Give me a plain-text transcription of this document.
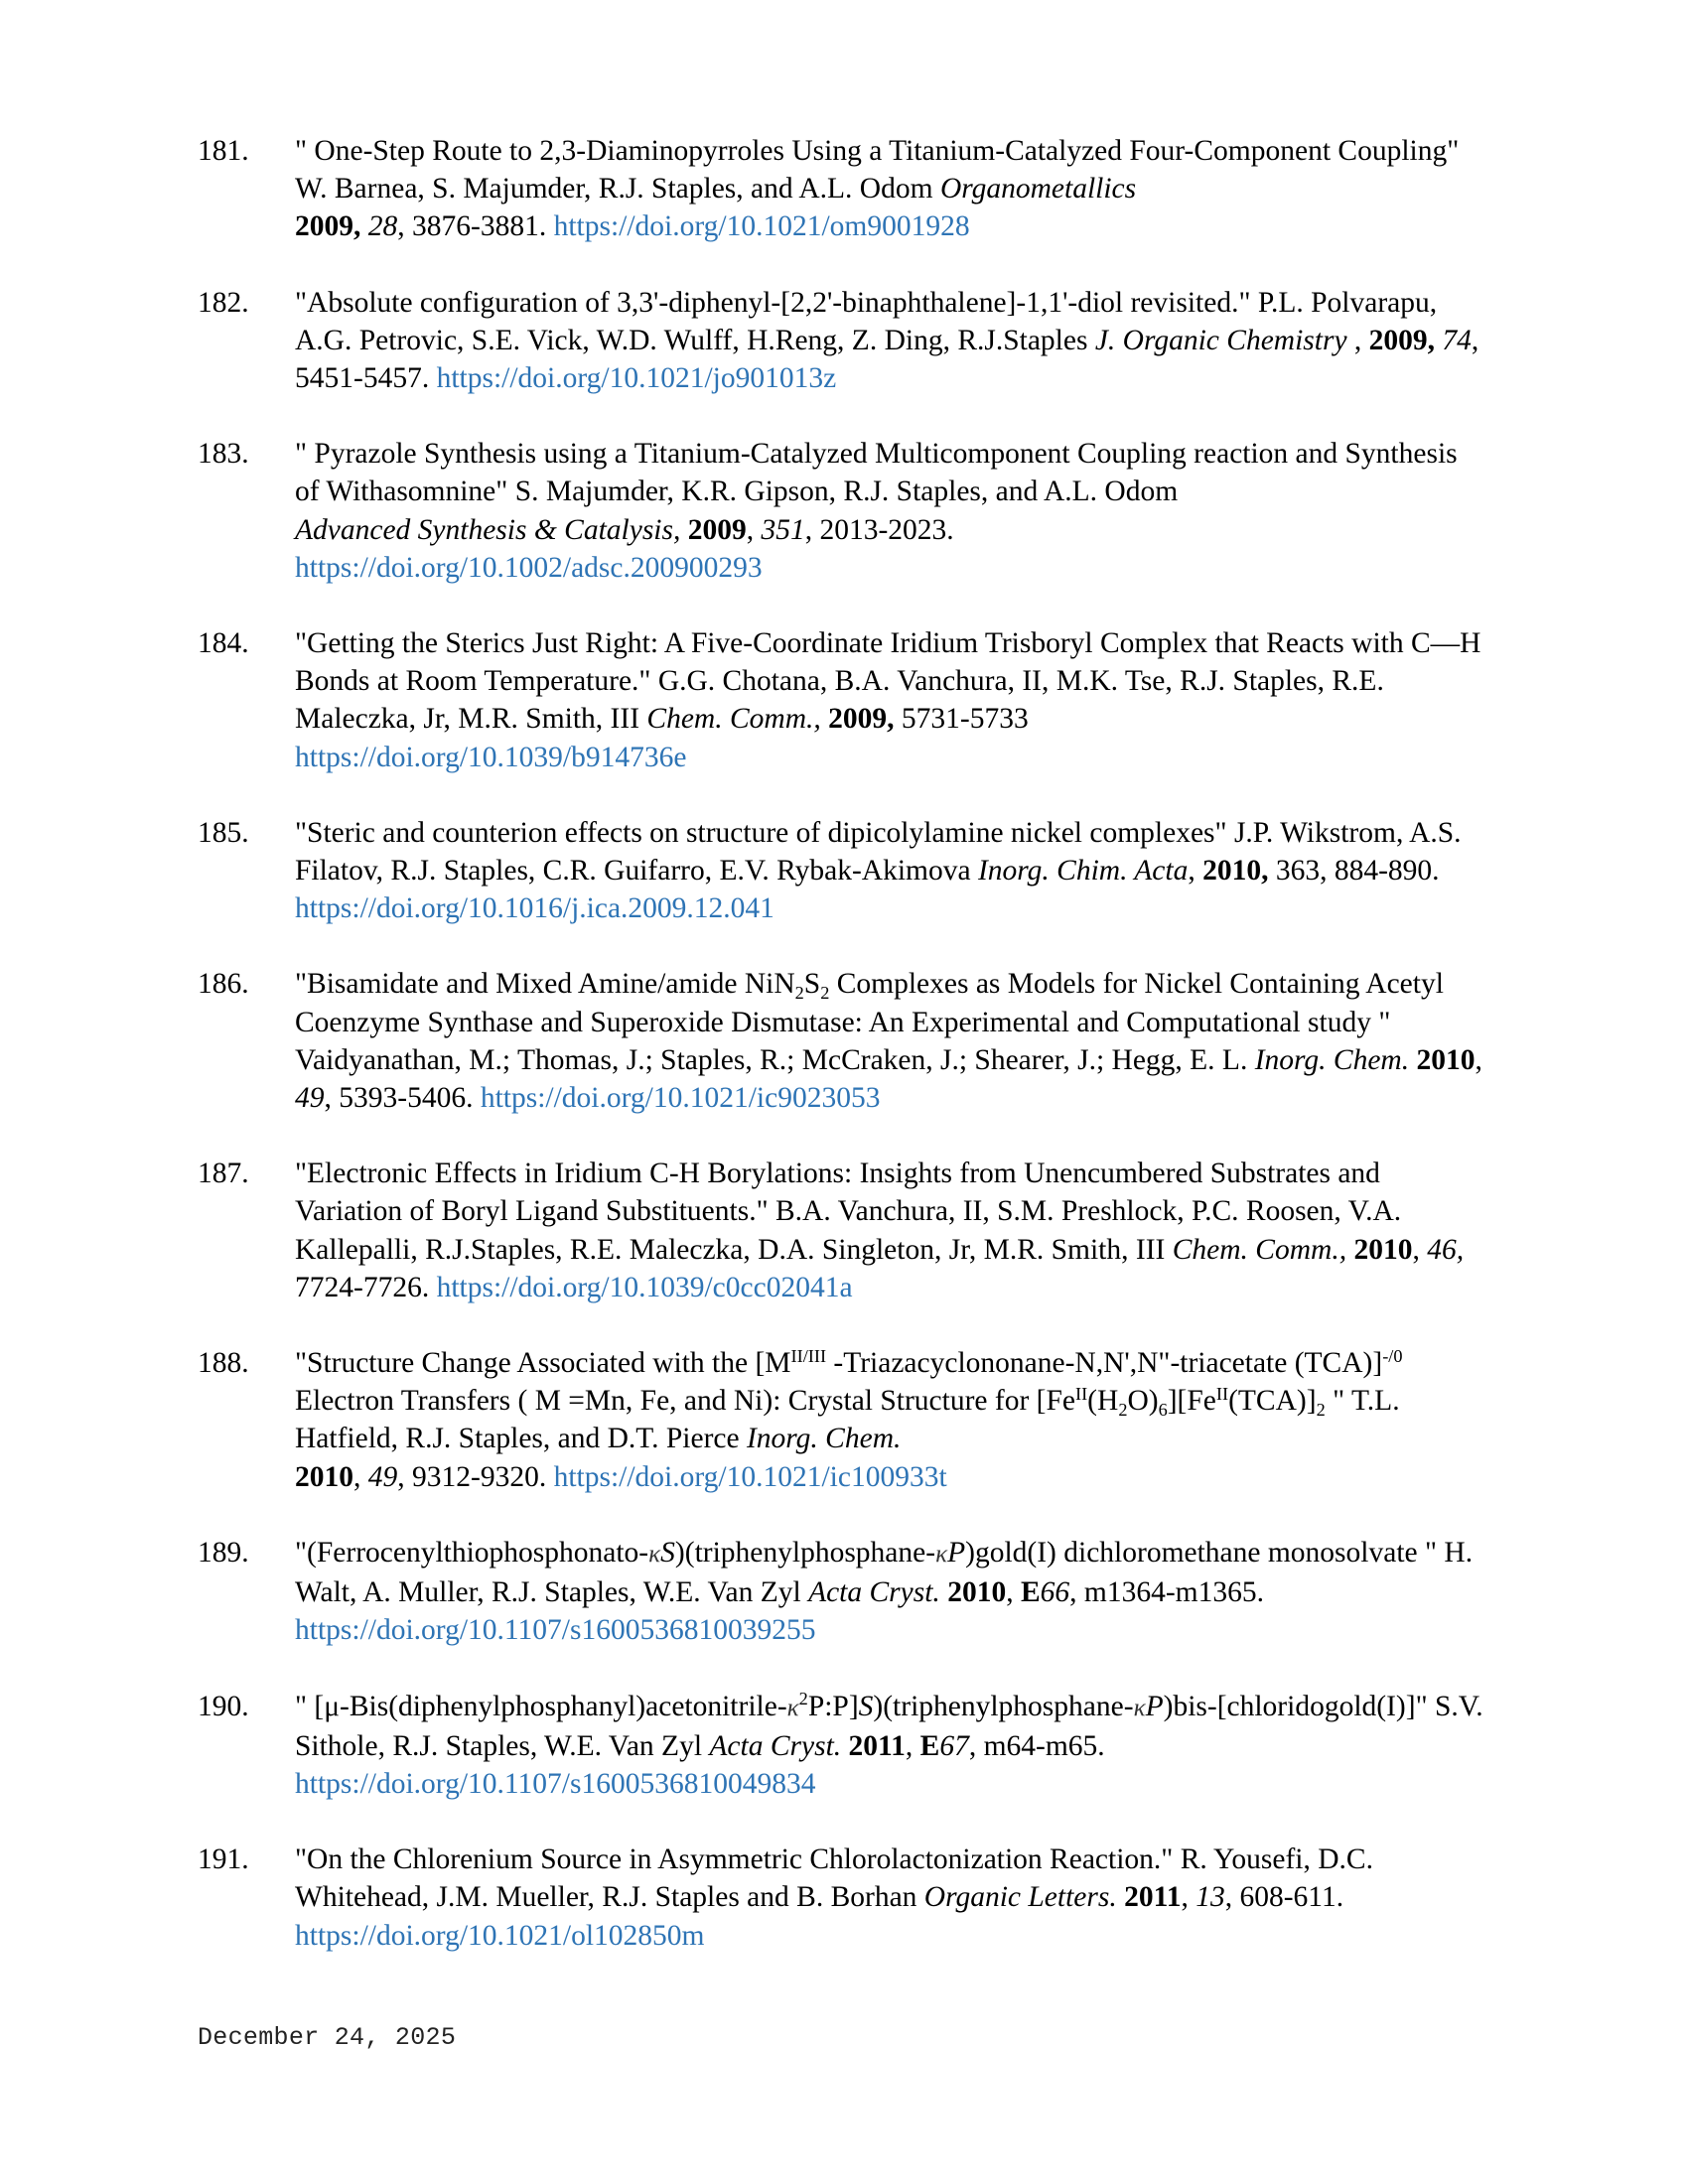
181. " One-Step Route to 2,3-Diaminopyrroles Using a Titanium-Catalyzed Four-Component Coupling" W. Barnea, S. Majumder, R.J. Staples, and A.L. Odom Organometallics
2009, 28, 3876-3881. https://doi.org/10.1021/om9001928
182. "Absolute configuration of 3,3'-diphenyl-[2,2'-binaphthalene]-1,1'-diol revisited." P.L. Polvarapu, A.G. Petrovic, S.E. Vick, W.D. Wulff, H.Reng, Z. Ding, R.J.Staples J. Organic Chemistry , 2009, 74, 5451-5457. https://doi.org/10.1021/jo901013z
183. " Pyrazole Synthesis using a Titanium-Catalyzed Multicomponent Coupling reaction and Synthesis of Withasomnine" S. Majumder, K.R. Gipson, R.J. Staples, and A.L. Odom
Advanced Synthesis & Catalysis, 2009, 351, 2013-2023.
https://doi.org/10.1002/adsc.200900293
184. "Getting the Sterics Just Right: A Five-Coordinate Iridium Trisboryl Complex that Reacts with C—H Bonds at Room Temperature." G.G. Chotana, B.A. Vanchura, II, M.K. Tse, R.J. Staples, R.E. Maleczka, Jr, M.R. Smith, III Chem. Comm., 2009, 5731-5733
https://doi.org/10.1039/b914736e
185. "Steric and counterion effects on structure of dipicolylamine nickel complexes" J.P. Wikstrom, A.S. Filatov, R.J. Staples, C.R. Guifarro, E.V. Rybak-Akimova Inorg. Chim. Acta, 2010, 363, 884-890. https://doi.org/10.1016/j.ica.2009.12.041
186. "Bisamidate and Mixed Amine/amide $NiN_2S_2$ Complexes as Models for Nickel Containing Acetyl Coenzyme Synthase and Superoxide Dismutase: An Experimental and Computational study " Vaidyanathan, M.; Thomas, J.; Staples, R.; McCraken, J.; Shearer, J.; Hegg, E. L. Inorg. Chem. 2010, 49, 5393-5406. https://doi.org/10.1021/ic9023053
187. "Electronic Effects in Iridium C-H Borylations: Insights from Unencumbered Substrates and Variation of Boryl Ligand Substituents." B.A. Vanchura, II, S.M. Preshlock, P.C. Roosen, V.A. Kallepalli, R.J.Staples, R.E. Maleczka, D.A. Singleton, Jr, M.R. Smith, III Chem. Comm., 2010, 46, 7724-7726. https://doi.org/10.1039/c0cc02041a
188. "Structure Change Associated with the [$M^{II/III}$ -Triazacyclononane-N,N',N"-triacetate (TCA)]$^{-/0}$ Electron Transfers ( M =Mn, Fe, and Ni): Crystal Structure for $[Fe^{II}(H_2O)_6][Fe^{II}(TCA)]_2$ " T.L. Hatfield, R.J. Staples, and D.T. Pierce Inorg. Chem.
2010, 49, 9312-9320. https://doi.org/10.1021/ic100933t
189. "(Ferrocenylthiophosphonato-κS)(triphenylphosphane-κP)gold(I) dichloromethane monosolvate " H. Walt, A. Muller, R.J. Staples, W.E. Van Zyl Acta Cryst. 2010, E66, m1364-m1365. https://doi.org/10.1107/s1600536810039255
190. " $[\mu-Bis(diphenylphosphanyl)acetonitrile-\kappa^2P:P]S)(triphenylphosphane-\kappa P)bis-[chloridogold(I)]$" S.V. Sithole, R.J. Staples, W.E. Van Zyl Acta Cryst. 2011, E67, m64-m65. https://doi.org/10.1107/s1600536810049834
191. "On the Chlorenium Source in Asymmetric Chlorolactonization Reaction." R. Yousefi, D.C. Whitehead, J.M. Mueller, R.J. Staples and B. Borhan Organic Letters. 2011, 13, 608-611. https://doi.org/10.1021/ol102850m
December 24, 2025
